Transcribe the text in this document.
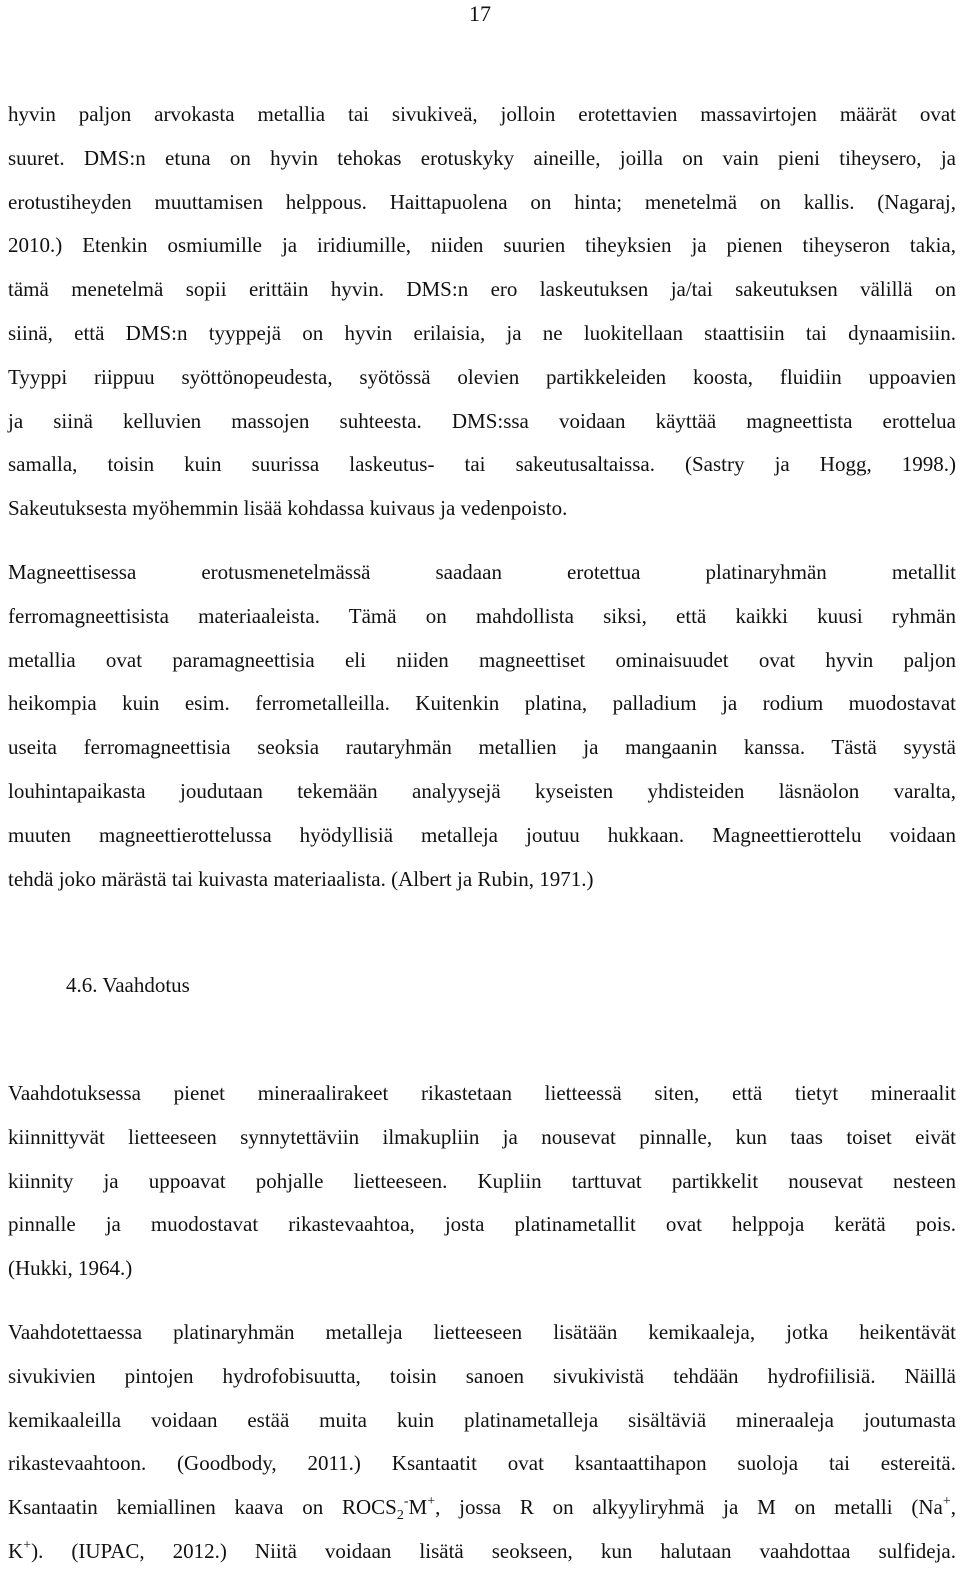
17

hyvin paljon arvokasta metallia tai sivukiveä, jolloin erotettavien massavirtojen määrät ovat
suuret. DMS:n etuna on hyvin tehokas erotuskyky aineille, joilla on vain pieni tiheysero, ja
erotustiheyden muuttamisen helppous. Haittapuolena on hinta; menetelmä on kallis. (Nagaraj,
2010.) Etenkin osmiumille ja iridiumille, niiden suurien tiheyksien ja pienen tiheyseron takia,
tämä menetelmä sopii erittäin hyvin. DMS:n ero laskeutuksen ja/tai sakeutuksen välillä on
siinä, että DMS:n tyyppejä on hyvin erilaisia, ja ne luokitellaan staattisiin tai dynaamisiin.
Tyyppi riippuu syöttönopeudesta, syötössä olevien partikkeleiden koosta, fluidiin uppoavien
ja siinä kelluvien massojen suhteesta. DMS:ssa voidaan käyttää magneettista erottelua
samalla, toisin kuin suurissa laskeutus- tai sakeutusaltaissa. (Sastry ja Hogg, 1998.)
Sakeutuksesta myöhemmin lisää kohdassa kuivaus ja vedenpoisto.

Magneettisessa erotusmenetelmässä saadaan erotettua platinaryhmän metallit
ferromagneettisista materiaaleista. Tämä on mahdollista siksi, että kaikki kuusi ryhmän
metallia ovat paramagneettisia eli niiden magneettiset ominaisuudet ovat hyvin paljon
heikompia kuin esim. ferrometalleilla. Kuitenkin platina, palladium ja rodium muodostavat
useita ferromagneettisia seoksia rautaryhmän metallien ja mangaanin kanssa. Tästä syystä
louhintapaikasta joudutaan tekemään analyysejä kyseisten yhdisteiden läsnäolon varalta,
muuten magneettierottelussa hyödyllisiä metalleja joutuu hukkaan. Magneettierottelu voidaan
tehdä joko märästä tai kuivasta materiaalista. (Albert ja Rubin, 1971.)

4.6. Vaahdotus

Vaahdotuksessa pienet mineraalirakeet rikastetaan lietteessä siten, että tietyt mineraalit
kiinnittyvät lietteeseen synnytettäviin ilmakupliin ja nousevat pinnalle, kun taas toiset eivät
kiinnity ja uppoavat pohjalle lietteeseen. Kupliin tarttuvat partikkelit nousevat nesteen
pinnalle ja muodostavat rikastevaahtoa, josta platinametallit ovat helppoja kerätä pois.
(Hukki, 1964.)

Vaahdotettaessa platinaryhmän metalleja lietteeseen lisätään kemikaaleja, jotka heikentävät
sivukivien pintojen hydrofobisuutta, toisin sanoen sivukivistä tehdään hydrofiilisiä. Näillä
kemikaaleilla voidaan estää muita kuin platinametalleja sisältäviä mineraaleja joutumasta
rikastevaahtoon. (Goodbody, 2011.) Ksantaatit ovat ksantaattihapon suoloja tai estereitä.
Ksantaatin kemiallinen kaava on $ROCS_2^-M^+$, jossa R on alkyyliryhmä ja M on metalli (Na+,
K+). (IUPAC, 2012.) Niitä voidaan lisätä seokseen, kun halutaan vaahdottaa sulfideja.
